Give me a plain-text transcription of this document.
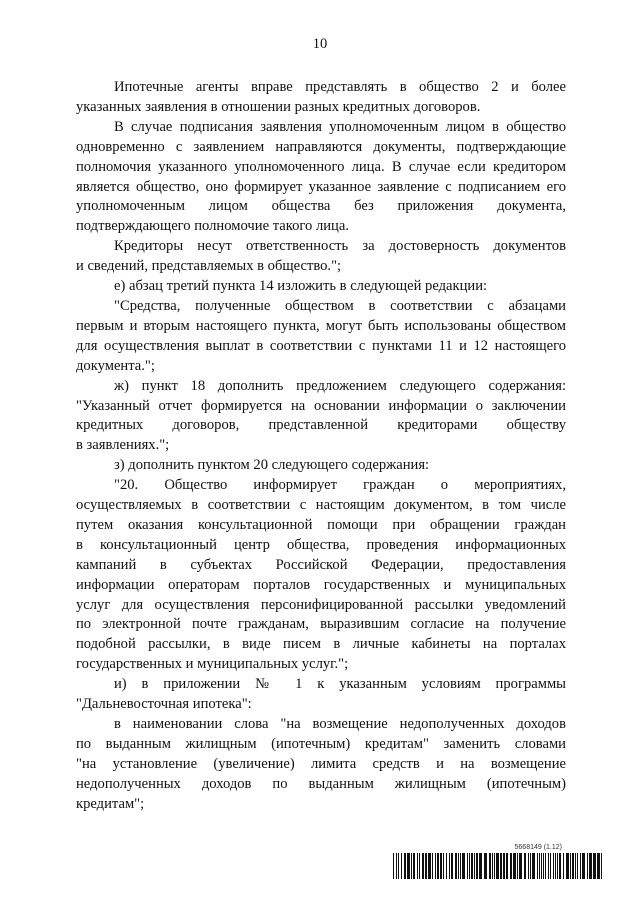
10
Ипотечные агенты вправе представлять в общество 2 и более
указанных заявления в отношении разных кредитных договоров.
В случае подписания заявления уполномоченным лицом в общество
одновременно с заявлением направляются документы, подтверждающие
полномочия указанного уполномоченного лица. В случае если кредитором
является общество, оно формирует указанное заявление с подписанием его
уполномоченным лицом общества без приложения документа,
подтверждающего полномочие такого лица.
Кредиторы несут ответственность за достоверность документов
и сведений, представляемых в общество.";
е) абзац третий пункта 14 изложить в следующей редакции:
"Средства, полученные обществом в соответствии с абзацами
первым и вторым настоящего пункта, могут быть использованы обществом
для осуществления выплат в соответствии с пунктами 11 и 12 настоящего
документа.";
ж) пункт 18 дополнить предложением следующего содержания:
"Указанный отчет формируется на основании информации о заключении
кредитных договоров, представленной кредиторами обществу
в заявлениях.";
з) дополнить пунктом 20 следующего содержания:
"20. Общество информирует граждан о мероприятиях,
осуществляемых в соответствии с настоящим документом, в том числе
путем оказания консультационной помощи при обращении граждан
в консультационный центр общества, проведения информационных
кампаний в субъектах Российской Федерации, предоставления
информации операторам порталов государственных и муниципальных
услуг для осуществления персонифицированной рассылки уведомлений
по электронной почте гражданам, выразившим согласие на получение
подобной рассылки, в виде писем в личные кабинеты на порталах
государственных и муниципальных услуг.";
и) в приложении № 1 к указанным условиям программы
"Дальневосточная ипотека":
в наименовании слова "на возмещение недополученных доходов
по выданным жилищным (ипотечным) кредитам" заменить словами
"на установление (увеличение) лимита средств и на возмещение
недополученных доходов по выданным жилищным (ипотечным)
кредитам";
5668149 (1.12)
